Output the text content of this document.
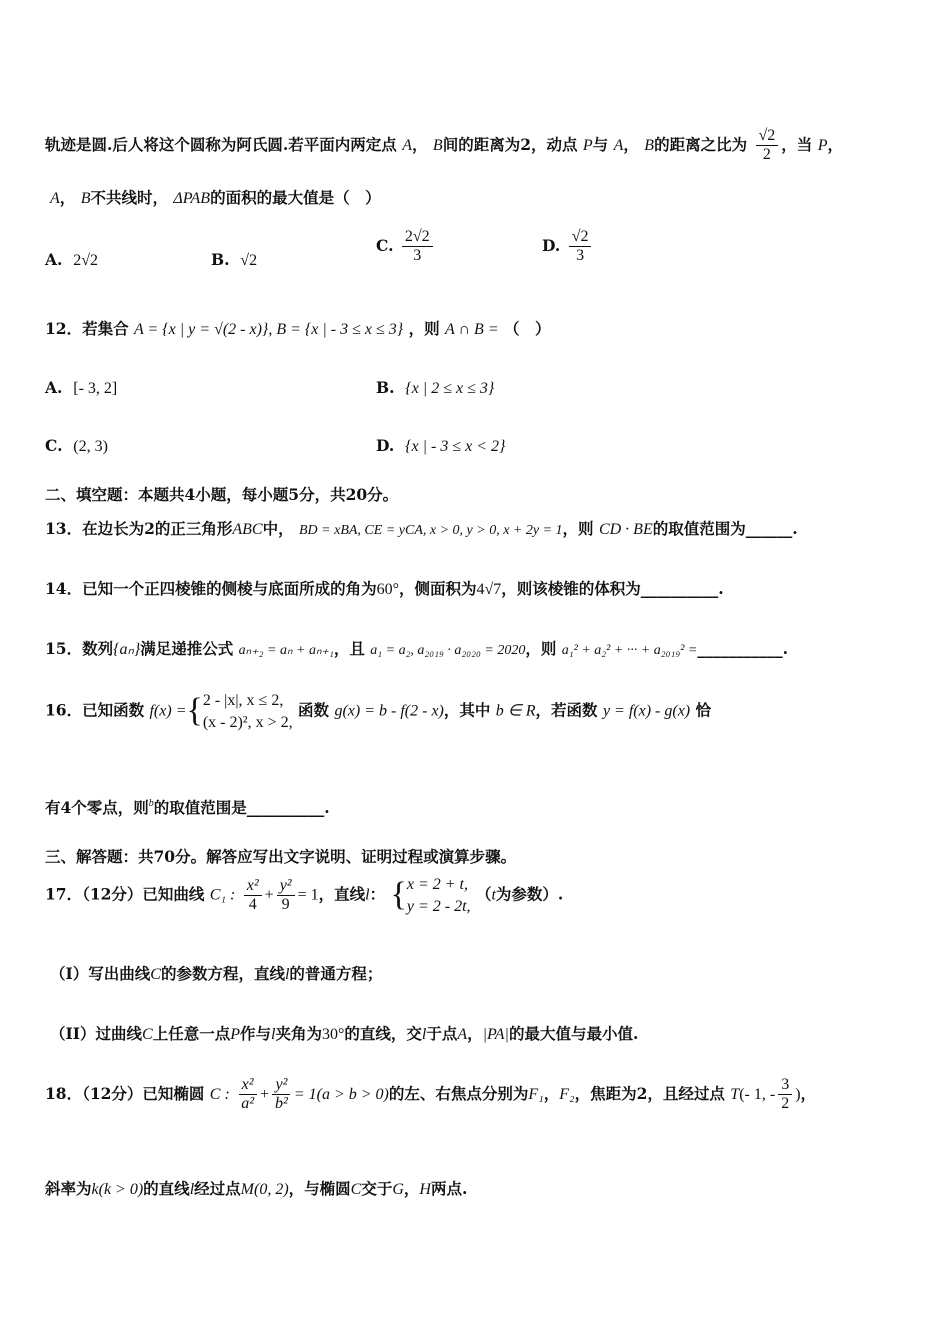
轨迹是圆.后人将这个圆称为阿氏圆.若平面内两定点 A， B间的距离为2，动点 P与 A， B的距离之比为 $\frac{√2}{2}$ ，当 P，
A， B不共线时， ΔPAB的面积的最大值是（　）
A. 2√2	B. √2
C. $\frac{2√2}{3}$	D. $\frac{√2}{3}$
12．若集合 A = {x | y = √(2 - x)}, B = {x | - 3 ≤ x ≤ 3} ，则 A ∩ B = （　）
A. [- 3, 2]	B. {x | 2 ≤ x ≤ 3}
C. (2, 3)	D. {x | - 3 ≤ x < 2}
二、填空题：本题共4小题，每小题5分，共20分。
13．在边长为2的正三角形ABC中， BD = xBA, CE = yCA, x > 0, y > 0, x + 2y = 1，则 CD · BE的取值范围为______.
14．已知一个正四棱锥的侧棱与底面所成的角为60°，侧面积为4√7，则该棱锥的体积为__________.
15．数列{aₙ}满足递推公式 aₙ₊₂ = aₙ + aₙ₊₁，且 a₁ = a₂, a₂₀₁₉ · a₂₀₂₀ = 2020，则 a₁² + a₂² + ··· + a₂₀₁₉² =___________.
16．已知函数 f(x) ={ 2 - |x|, x ≤ 2,
(x - 2)², x > 2,
函数 g(x) = b - f(2 - x)，其中 b ∈ R，若函数 y = f(x) - g(x) 恰
有4个零点，则$^b$的取值范围是__________.
三、解答题：共70分。解答应写出文字说明、证明过程或演算步骤。
17．（12分）已知曲线 C₁ : $\frac{\text{x²}}{4} + \frac{\text{y²}}{9} = 1$，直线l： { x = 2 + t,
y = 2 - 2t,
（t为参数）.
（I）写出曲线C的参数方程，直线l的普通方程；
（II）过曲线C上任意一点P作与l夹角为30°的直线，交l于点A，|PA|的最大值与最小值.
18．（12分）已知椭圆 C : $\frac{\text{x²}}{\text{a²}} + \frac{\text{y²}}{\text{b²}} = 1(a > b > 0)$的左、右焦点分别为F₁，F₂，焦距为2，且经过点 T(- 1, - $\frac{3}{2}$ )，
斜率为k(k > 0)的直线l经过点M(0, 2)，与椭圆C交于G，H两点.
